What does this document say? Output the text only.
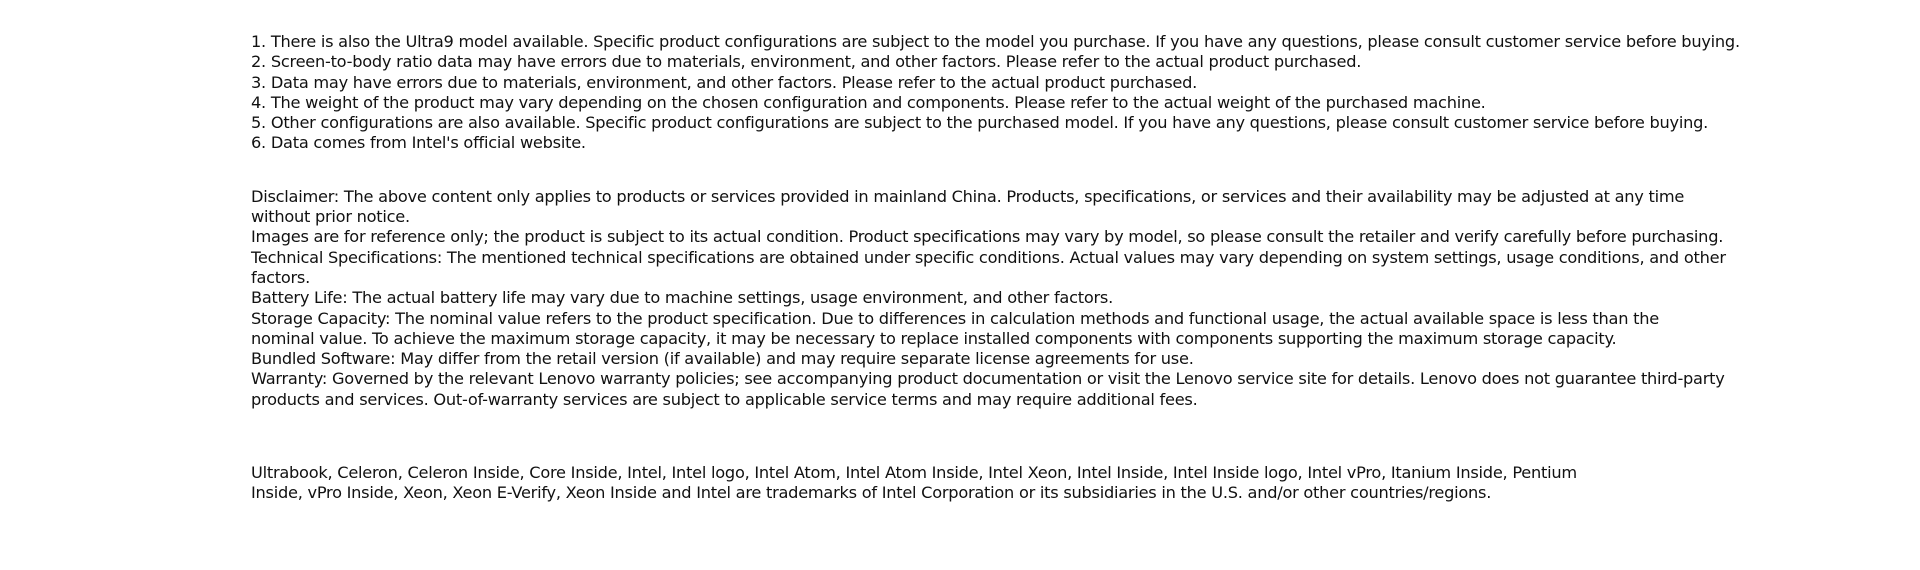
1. There is also the Ultra9 model available. Specific product configurations are subject to the model you purchase. If you have any questions, please consult customer service before buying.
2. Screen-to-body ratio data may have errors due to materials, environment, and other factors. Please refer to the actual product purchased.
3. Data may have errors due to materials, environment, and other factors. Please refer to the actual product purchased.
4. The weight of the product may vary depending on the chosen configuration and components. Please refer to the actual weight of the purchased machine.
5. Other configurations are also available. Specific product configurations are subject to the purchased model. If you have any questions, please consult customer service before buying.
6. Data comes from Intel's official website.

Disclaimer: The above content only applies to products or services provided in mainland China. Products, specifications, or services and their availability may be adjusted at any time without prior notice.

Images are for reference only; the product is subject to its actual condition. Product specifications may vary by model, so please consult the retailer and verify carefully before purchasing.

Technical Specifications: The mentioned technical specifications are obtained under specific conditions. Actual values may vary depending on system settings, usage conditions, and other factors.

Battery Life: The actual battery life may vary due to machine settings, usage environment, and other factors.

Storage Capacity: The nominal value refers to the product specification. Due to differences in calculation methods and functional usage, the actual available space is less than the nominal value. To achieve the maximum storage capacity, it may be necessary to replace installed components with components supporting the maximum storage capacity.

Bundled Software: May differ from the retail version (if available) and may require separate license agreements for use.

Warranty: Governed by the relevant Lenovo warranty policies; see accompanying product documentation or visit the Lenovo service site for details. Lenovo does not guarantee third-party products and services. Out-of-warranty services are subject to applicable service terms and may require additional fees.

Ultrabook, Celeron, Celeron Inside, Core Inside, Intel, Intel logo, Intel Atom, Intel Atom Inside, Intel Xeon, Intel Inside, Intel Inside logo, Intel vPro, Itanium Inside, Pentium

Inside, vPro Inside, Xeon, Xeon E-Verify, Xeon Inside and Intel are trademarks of Intel Corporation or its subsidiaries in the U.S. and/or other countries/regions.
